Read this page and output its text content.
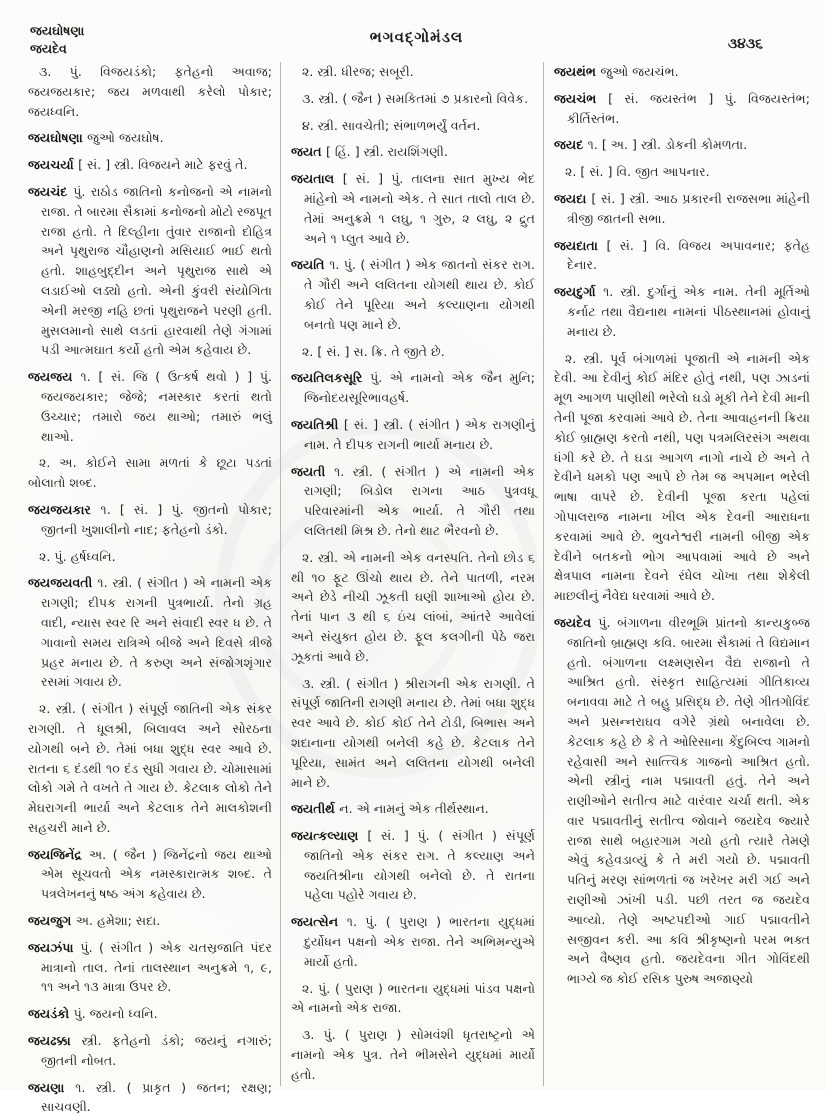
જયઘોષણા
જયદેવ
ભગવદ્ગોમંડલ	૩૪૩૬

૩. પું. વિજયડંકો; ફતેહનો અવાજ; જયજયકાર; જય મળવાથી કરેલો પોકાર; જયધ્વનિ.

જયઘોષણા જુઓ જયઘોષ.

જયચર્યા [ સં. ] સ્ત્રી. વિજયને માટે ફરવું તે.

જયચંદ પું. રાઠોડ જાતિનો કનોજનો એ નામનો રાજા. તે બારમા સૈકામાં કનોજનો મોટો રજપૂત રાજા હતો. તે દિલ્હીના તુંવાર રાજાનો દોહિત્ર અને પૃથુરાજ ચૌહાણનો મસિયાઈ ભાઈ થતો હતો. શાહબુદ્દીન અને પૃથુરાજ સાથે એ લડાઈઓ લડ્યો હતો. એની કુંવરી સંયોગિતા એની મરજી નહિ છતાં પૃથુરાજને પરણી હતી. મુસલમાનો સાથે લડતાં હારવાથી તેણે ગંગામાં પડી આત્મઘાત કર્યો હતો એમ કહેવાય છે.

જયજય ૧. [ સં. જિ ( ઉત્કર્ષ થવો ) ] પું. જયજયકાર; જેજે; નમસ્કાર કરતાં થતો ઉચ્ચાર; તમારો જય થાઓ; તમારું ભલું થાઓ.

૨. અ. કોઈને સામા મળતાં કે છૂટા પડતાં બોલાતો શબ્દ.

જયજયકાર ૧. [ સં. ] પું. જીતનો પોકાર; જીતની ખુશાલીનો નાદ; ફતેહનો ડંકો.

૨. પું. હર્ષધ્વનિ.

જયજયવતી ૧. સ્ત્રી. ( સંગીત ) એ નામની એક રાગણી; દીપક રાગની પુત્રભાર્યા. તેનો ગ્રહ વાદી, ન્યાસ સ્વર રિ અને સંવાદી સ્વર ધ છે. તે ગાવાનો સમય રાત્રિએ બીજે અને દિવસે ત્રીજે પ્રહર મનાય છે. તે કરુણ અને સંજોગશૃંગાર રસમાં ગવાય છે.

૨. સ્ત્રી. ( સંગીત ) સંપૂર્ણ જાતિની એક સંકર રાગણી. તે ધૂલશ્રી, બિલાવલ અને સોરઠના યોગથી બને છે. તેમાં બધા શુદ્ધ સ્વર આવે છે. રાતના ૬ દંડથી ૧૦ દંડ સુધી ગવાય છે. ચોમાસામાં લોકો ગમે તે વખતે તે ગાય છે. કેટલાક લોકો તેને મેઘરાગની ભાર્યા અને કેટલાક તેને માલકોશની સહચરી માને છે.

જયજિનેંદ્ર અ. ( જૈન ) જિનેંદ્રનો જય થાઓ એમ સૂચવતો એક નમસ્કારાત્મક શબ્દ. તે પત્રલેખનનું ષષ્ઠ અંગ કહેવાય છે.

જયજુગ અ. હમેશા; સદા.

જયઝંપા પું. ( સંગીત ) એક ચતસ્રજાતિ પંદર માત્રાનો તાલ. તેનાં તાલસ્થાન અનુક્રમે ૧, ૯, ૧૧ અને ૧૩ માત્રા ઉપર છે.

જયડંકો પું. જયનો ધ્વનિ.

જયઢક્કા સ્ત્રી. ફતેહનો ડંકો; જયનું નગારું; જીતની નોબત.

જયણા ૧. સ્ત્રી. ( પ્રાકૃત ) જતન; રક્ષણ; સાચવણી.

૨. સ્ત્રી. ધીરજ; સબૂરી.

૩. સ્ત્રી. ( જૈન ) સમકિતમાં ૭ પ્રકારનો વિવેક.

૪. સ્ત્રી. સાવચેતી; સંભાળભર્યું વર્તન.

જયત [ હિં. ] સ્ત્રી. રાયશિંગણી.

જયતાલ [ સં. ] પું. તાલના સાત મુખ્ય ભેદ માંહેનો એ નામનો એક. તે સાત તાલો તાલ છે. તેમાં અનુક્રમે ૧ લઘુ, ૧ ગુરુ, ૨ લઘુ, ૨ દ્રુત અને ૧ પ્લુત આવે છે.

જયતિ ૧. પું. ( સંગીત ) એક જાતનો સંકર રાગ. તે ગૌરી અને લલિતના યોગથી થાય છે. કોઈ કોઈ તેને પૂરિયા અને કલ્યાણના યોગથી બનતો પણ માને છે.

૨. [ સં. ] સ. ક્રિ. તે જીતે છે.

જયતિલકસૂરિ પું. એ નામનો એક જૈન મુનિ; જિનોદયસૂરિભાવહર્ષ.

જયતિશ્રી [ સં. ] સ્ત્રી. ( સંગીત ) એક રાગણીનું નામ. તે દીપક રાગની ભાર્યા મનાય છે.

જયતી ૧. સ્ત્રી. ( સંગીત ) એ નામની એક રાગણી; બિડોલ રાગના આઠ પુત્રવધૂ પરિવારમાંની એક ભાર્યા. તે ગૌરી તથા લલિતથી મિશ્ર છે. તેનો થાટ ભૈરવનો છે.

૨. સ્ત્રી. એ નામની એક વનસ્પતિ. તેનો છોડ ૬ થી ૧૦ ફૂટ ઊંચો થાય છે. તેને પાતળી, નરમ અને છેડે નીચી ઝૂકતી ઘણી શાખાઓ હોય છે. તેનાં પાન ૩ થી ૬ ઇંચ લાંબાં, આંતરે આવેલાં અને સંયુક્ત હોય છે. ફૂલ કલગીની પેઠે જરા ઝૂકતાં આવે છે.

૩. સ્ત્રી. ( સંગીત ) શ્રીરાગની એક રાગણી. તે સંપૂર્ણ જાતિની રાગણી મનાય છે. તેમાં બધા શુદ્ધ સ્વર આવે છે. કોઈ કોઈ તેને ટોડી, બિભાસ અને શદાનાના યોગથી બનેલી કહે છે. કેટલાક તેને પૂરિયા, સામંત અને લલિતના યોગથી બનેલી માને છે.

જયતીર્થ ન. એ નામનું એક તીર્થસ્થાન.

જયત્કલ્યાણ [ સં. ] પું. ( સંગીત ) સંપૂર્ણ જાતિનો એક સંકર રાગ. તે કલ્યાણ અને જયતિશ્રીના યોગથી બનેલો છે. તે રાતના પહેલા પહોરે ગવાય છે.

જયત્સેન ૧. પું. ( પુરાણ ) ભારતના યુદ્ધમાં દુર્યોધન પક્ષનો એક રાજા. તેને અભિમન્યુએ માર્યો હતો.

૨. પું. ( પુરાણ ) ભારતના યુદ્ધમાં પાંડવ પક્ષનો એ નામનો એક રાજા.

૩. પું. ( પુરાણ ) સોમવંશી ધૃતરાષ્ટ્રનો એ નામનો એક પુત્ર. તેને ભીમસેને યુદ્ધમાં માર્યો હતો.

જયથંભ જુઓ જયચંભ.

જયચંભ [ સં. જયસ્તંભ ] પું. વિજયસ્તંભ; કીર્તિસ્તંભ.

જયદ ૧. [ અ. ] સ્ત્રી. ડોકની કોમળતા.

૨. [ સં. ] વિ. જીત આપનાર.

જયદા [ સં. ] સ્ત્રી. આઠ પ્રકારની રાજસભા માંહેની ત્રીજી જાતની સભા.

જયદાતા [ સં. ] વિ. વિજય અપાવનાર; ફતેહ દેનાર.

જયદુર્ગા ૧. સ્ત્રી. દુર્ગાનું એક નામ. તેની મૂર્તિઓ કર્નાટ તથા વૈદ્યનાથ નામનાં પીઠસ્થાનમાં હોવાનું મનાય છે.

૨. સ્ત્રી. પૂર્વ બંગાળમાં પૂજાતી એ નામની એક દેવી. આ દેવીનું કોઈ મંદિર હોતું નથી, પણ ઝાડનાં મૂળ આગળ પાણીથી ભરેલો ઘડો મૂકી તેને દેવી માની તેની પૂજા કરવામાં આવે છે. તેના આવાહનની ક્રિયા કોઈ બ્રાહ્મણ કરતો નથી, પણ પત્રમલિરસંગ અથવા ધંગી કરે છે. તે ઘડા આગળ નાગો નાચે છે અને તે દેવીને ધમકો પણ આપે છે તેમ જ અપમાન ભરેલી ભાષા વાપરે છે. દેવીની પૂજા કરતા પહેલાં ગોપાલરાજ નામના ખીલ એક દેવની આરાધના કરવામાં આવે છે. ભુવનેશ્વરી નામની બીજી એક દેવીને બતકનો ભોગ આપવામાં આવે છે અને ક્ષેત્રપાલ નામના દેવને રંધેલ ચોખા તથા શેકેલી માછલીનું નૈવેદ્ય ધરવામાં આવે છે.

જયદેવ પું. બંગાળના વીરભૂમિ પ્રાંતનો કાન્યકુબ્જ જાતિનો બ્રાહ્મણ કવિ. બારમા સૈકામાં તે વિદ્યમાન હતો. બંગાળના લક્ષ્મણસેન વૈદ્ય રાજાનો તે આશ્રિત હતો. સંસ્કૃત સાહિત્યમાં ગીતિકાવ્ય બનાવવા માટે તે બહુ પ્રસિદ્ધ છે. તેણે ગીતગોવિંદ અને પ્રસન્નરાઘવ વગેરે ગ્રંથો બનાવેલા છે. કેટલાક કહે છે કે તે ઓરિસાના કેંદુબિલ્વ ગામનો રહેવાસી અને સાત્ત્વિક ગાજનો આશ્રિત હતો. એની સ્ત્રીનું નામ પદ્માવતી હતું. તેને અને રાણીઓને સતીત્વ માટે વારંવાર ચર્ચા થતી. એક વાર પદ્માવતીનું સતીત્વ જોવાને જયદેવ જ્યારે રાજા સાથે બહારગામ ગયો હતો ત્યારે તેમણે એવું કહેવડાવ્યું કે તે મરી ગયો છે. પદ્માવતી પતિનું મરણ સાંભળતાં જ ખરેખર મરી ગઈ અને રાણીઓ ઝાંખી પડી. પછી તરત જ જયદેવ આવ્યો. તેણે અષ્ટપદીઓ ગાઈ પદ્માવતીને સજીવન કરી. આ કવિ શ્રીકૃષ્ણનો પરમ ભક્ત અને વૈષ્ણવ હતો. જયદેવના ગીત ગોવિંદથી ભાગ્યે જ કોઈ રસિક પુરુષ અજાણ્યો
